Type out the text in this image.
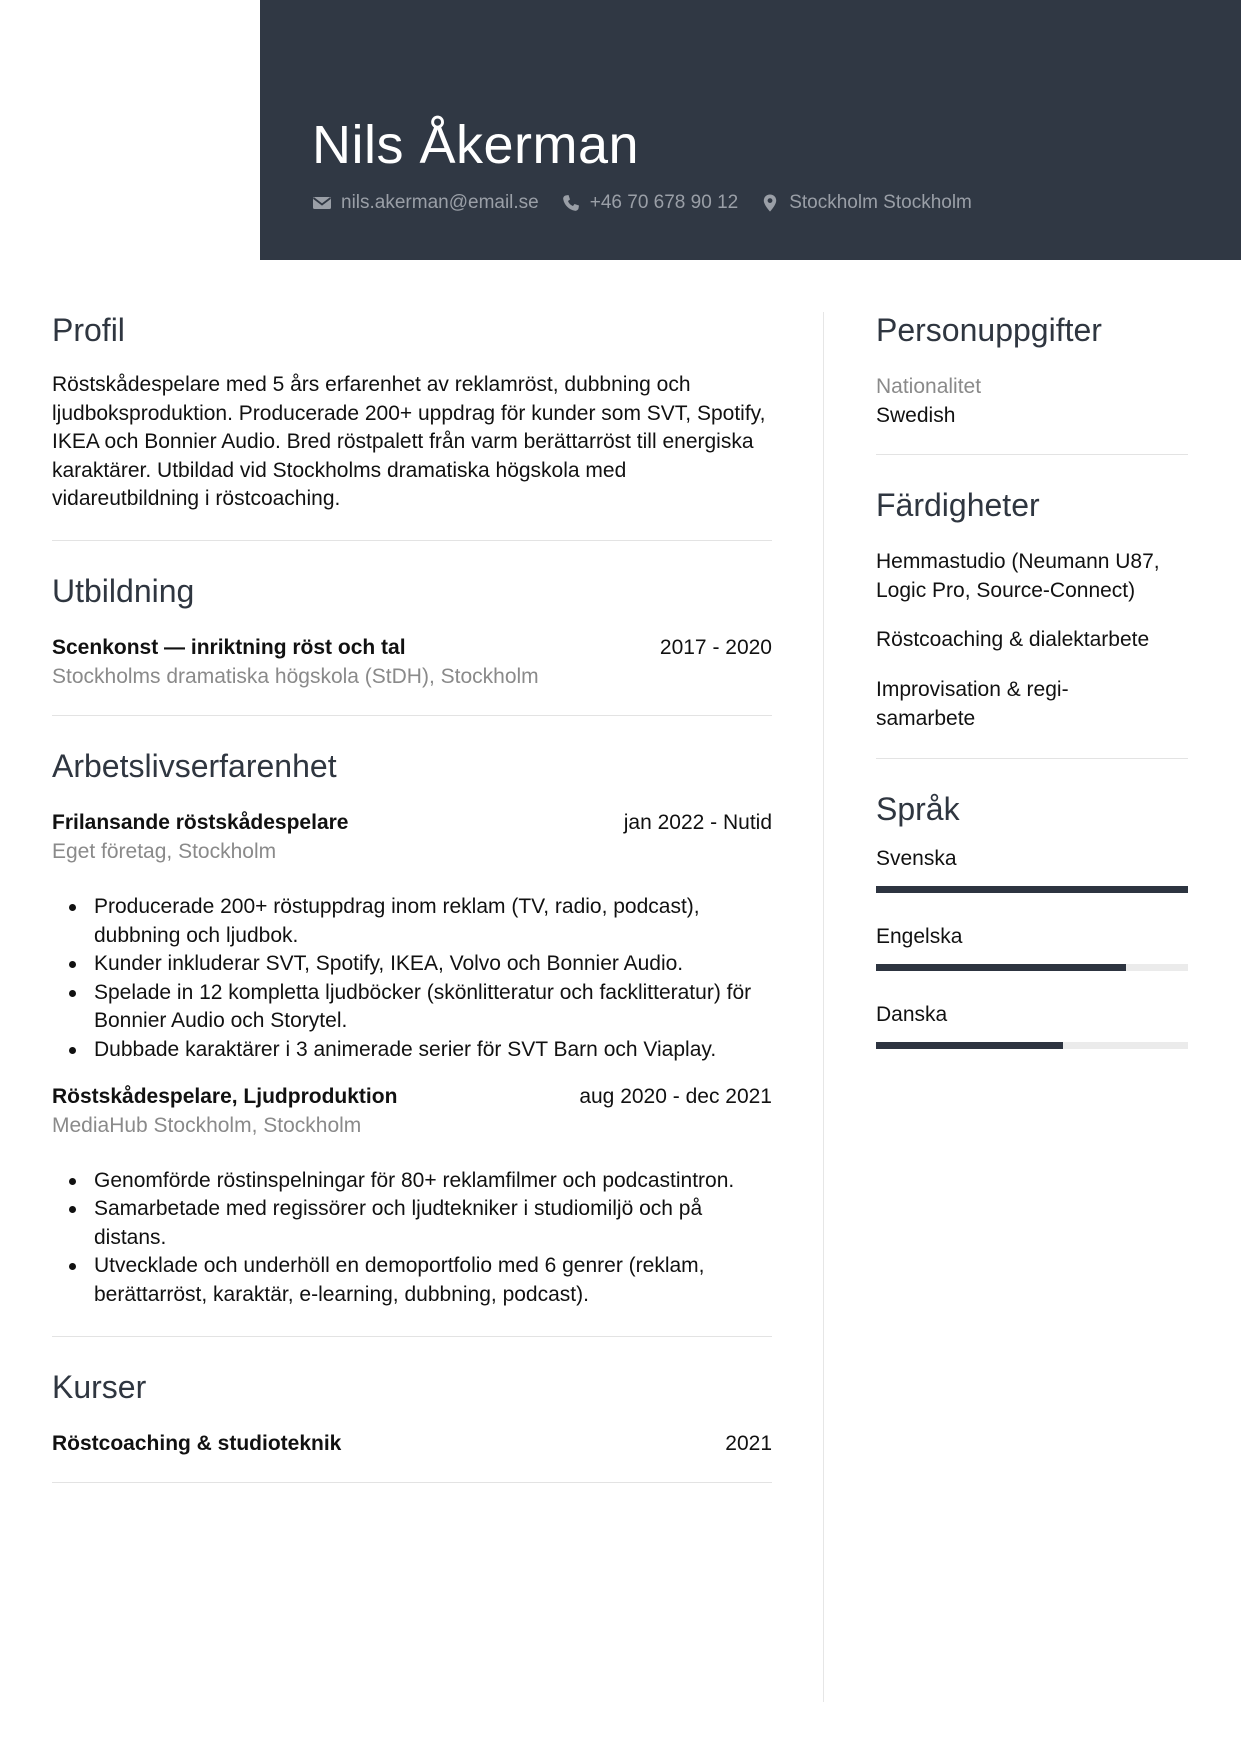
Nils Åkerman
nils.akerman@email.se	+46 70 678 90 12	Stockholm Stockholm
Profil

Röstskådespelare med 5 års erfarenhet av reklamröst, dubbning och ljudboksproduktion. Producerade 200+ uppdrag för kunder som SVT, Spotify, IKEA och Bonnier Audio. Bred röstpalett från varm berättarröst till energiska karaktärer. Utbildad vid Stockholms dramatiska högskola med vidareutbildning i röstcoaching.

Utbildning
Scenkonst — inriktning röst och tal	2017 - 2020
Stockholms dramatiska högskola (StDH), Stockholm
Arbetslivserfarenhet
Frilansande röstskådespelare	jan 2022 - Nutid
Eget företag, Stockholm
Producerade 200+ röstuppdrag inom reklam (TV, radio, podcast), dubbning och ljudbok.
Kunder inkluderar SVT, Spotify, IKEA, Volvo och Bonnier Audio.
Spelade in 12 kompletta ljudböcker (skönlitteratur och facklitteratur) för Bonnier Audio och Storytel.
Dubbade karaktärer i 3 animerade serier för SVT Barn och Viaplay.
Röstskådespelare, Ljudproduktion	aug 2020 - dec 2021
MediaHub Stockholm, Stockholm
Genomförde röstinspelningar för 80+ reklamfilmer och podcastintron.
Samarbetade med regissörer och ljudtekniker i studiomiljö och på distans.
Utvecklade och underhöll en demoportfolio med 6 genrer (reklam, berättarröst, karaktär, e-learning, dubbning, podcast).
Kurser
Röstcoaching & studioteknik	2021
Personuppgifter
Nationalitet
Swedish
Färdigheter
Hemmastudio (Neumann U87, Logic Pro, Source-Connect)
Röstcoaching & dialektarbete
Improvisation & regi-samarbete
Språk
Svenska
Engelska
Danska
